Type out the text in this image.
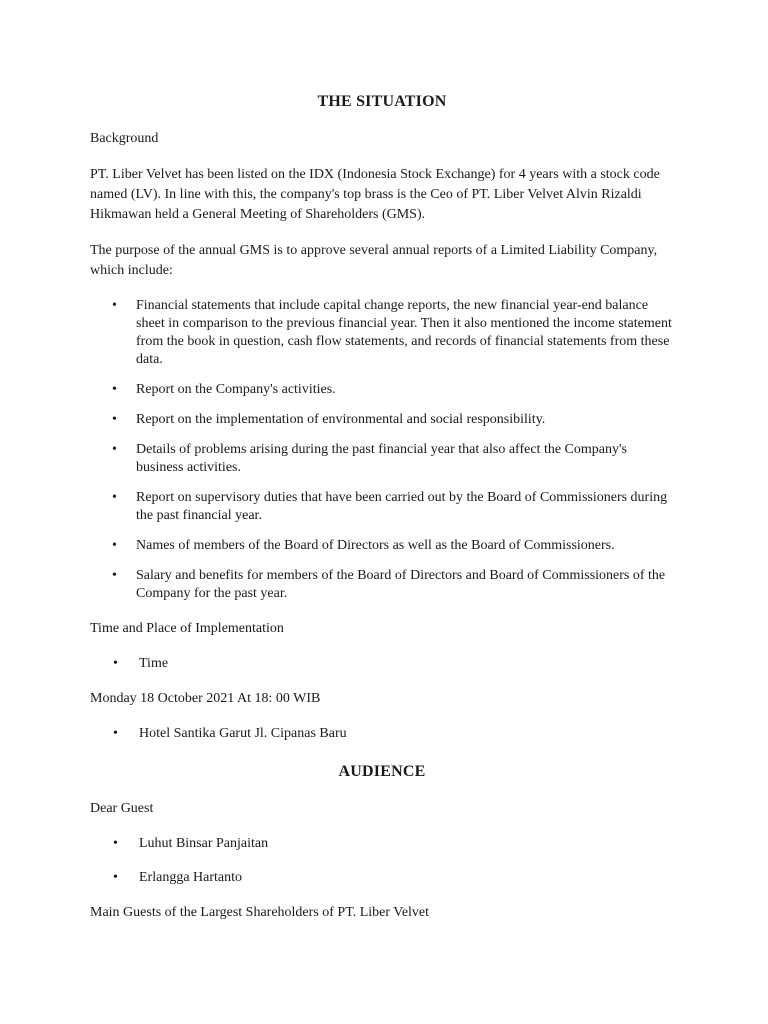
THE SITUATION

Background

PT. Liber Velvet has been listed on the IDX (Indonesia Stock Exchange) for 4 years with a stock code named (LV). In line with this, the company's top brass is the Ceo of PT. Liber Velvet Alvin Rizaldi Hikmawan held a General Meeting of Shareholders (GMS).

The purpose of the annual GMS is to approve several annual reports of a Limited Liability Company, which include:

• Financial statements that include capital change reports, the new financial year-end balance sheet in comparison to the previous financial year. Then it also mentioned the income statement from the book in question, cash flow statements, and records of financial statements from these data.
• Report on the Company's activities.
• Report on the implementation of environmental and social responsibility.
• Details of problems arising during the past financial year that also affect the Company's business activities.
• Report on supervisory duties that have been carried out by the Board of Commissioners during the past financial year.
• Names of members of the Board of Directors as well as the Board of Commissioners.
• Salary and benefits for members of the Board of Directors and Board of Commissioners of the Company for the past year.

Time and Place of Implementation

• Time

Monday 18 October 2021 At 18: 00 WIB

• Hotel Santika Garut Jl. Cipanas Baru
AUDIENCE

Dear Guest

• Luhut Binsar Panjaitan
• Erlangga Hartanto

Main Guests of the Largest Shareholders of PT. Liber Velvet
